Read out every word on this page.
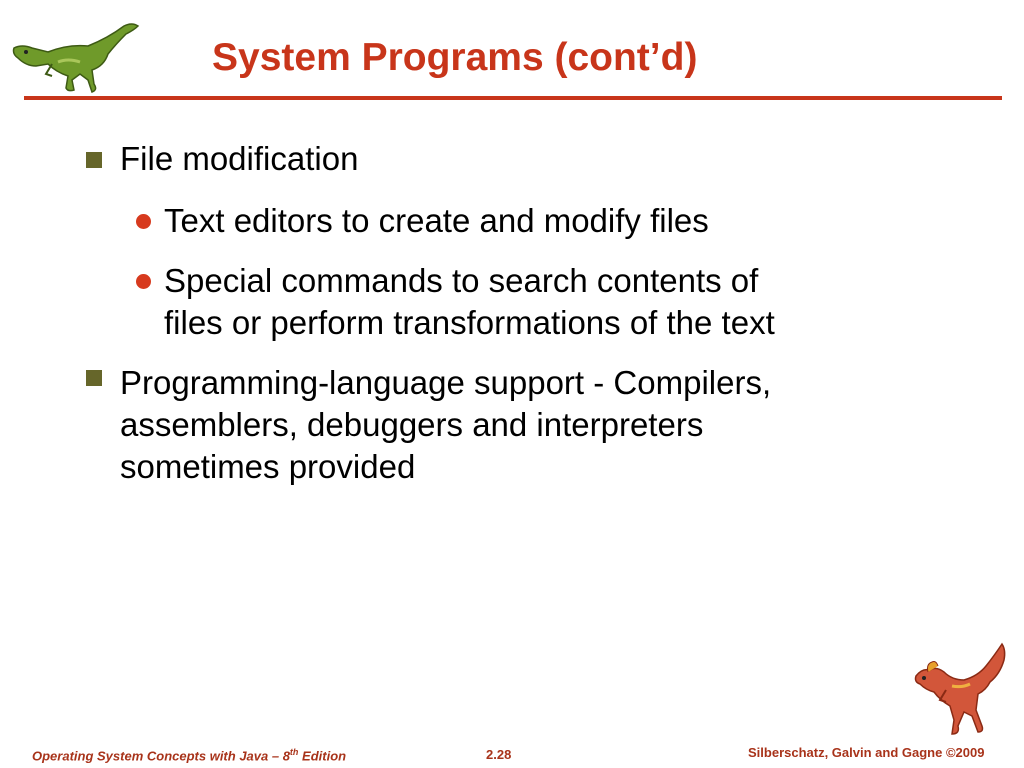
System Programs (cont’d)
File modification
Text editors to create and modify files
Special commands to search contents of
files or perform transformations of the text
Programming-language support - Compilers,
assemblers, debuggers and interpreters
sometimes provided
Operating System Concepts with Java – 8th Edition	2.28	Silberschatz, Galvin and Gagne ©2009
